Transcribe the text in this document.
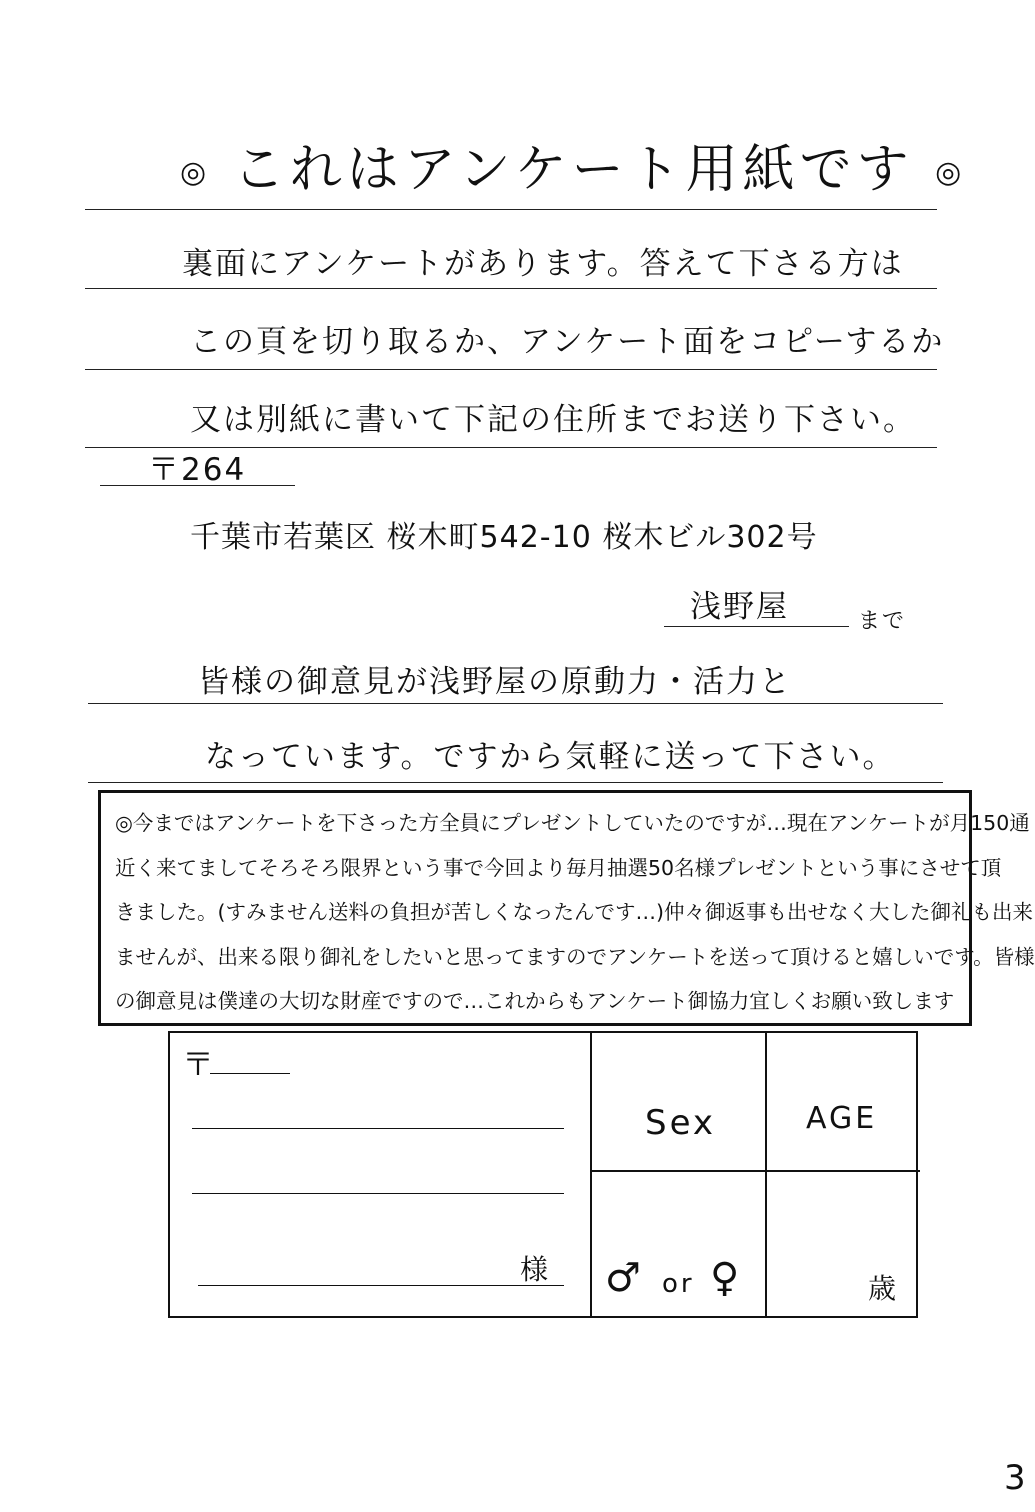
◎ これはアンケート用紙です ◎
裏面にアンケートがあります。答えて下さる方は
この頁を切り取るか、アンケート面をコピーするか
又は別紙に書いて下記の住所までお送り下さい。
〒264
千葉市若葉区 桜木町542-10 桜木ビル302号
浅野屋	まで
皆様の御意見が浅野屋の原動力・活力と
なっています。ですから気軽に送って下さい。
◎今まではアンケートを下さった方全員にプレゼントしていたのですが…現在アンケートが月150通
近く来てましてそろそろ限界という事で今回より毎月抽選50名様プレゼントという事にさせて頂
きました。(すみません送料の負担が苦しくなったんです…)仲々御返事も出せなく大した御礼も出来
ませんが、出来る限り御礼をしたいと思ってますのでアンケートを送って頂けると嬉しいです。皆様
の御意見は僕達の大切な財産ですので…これからもアンケート御協力宜しくお願い致します
〒
様
Sex	AGE
♂ or ♀	歳
3
